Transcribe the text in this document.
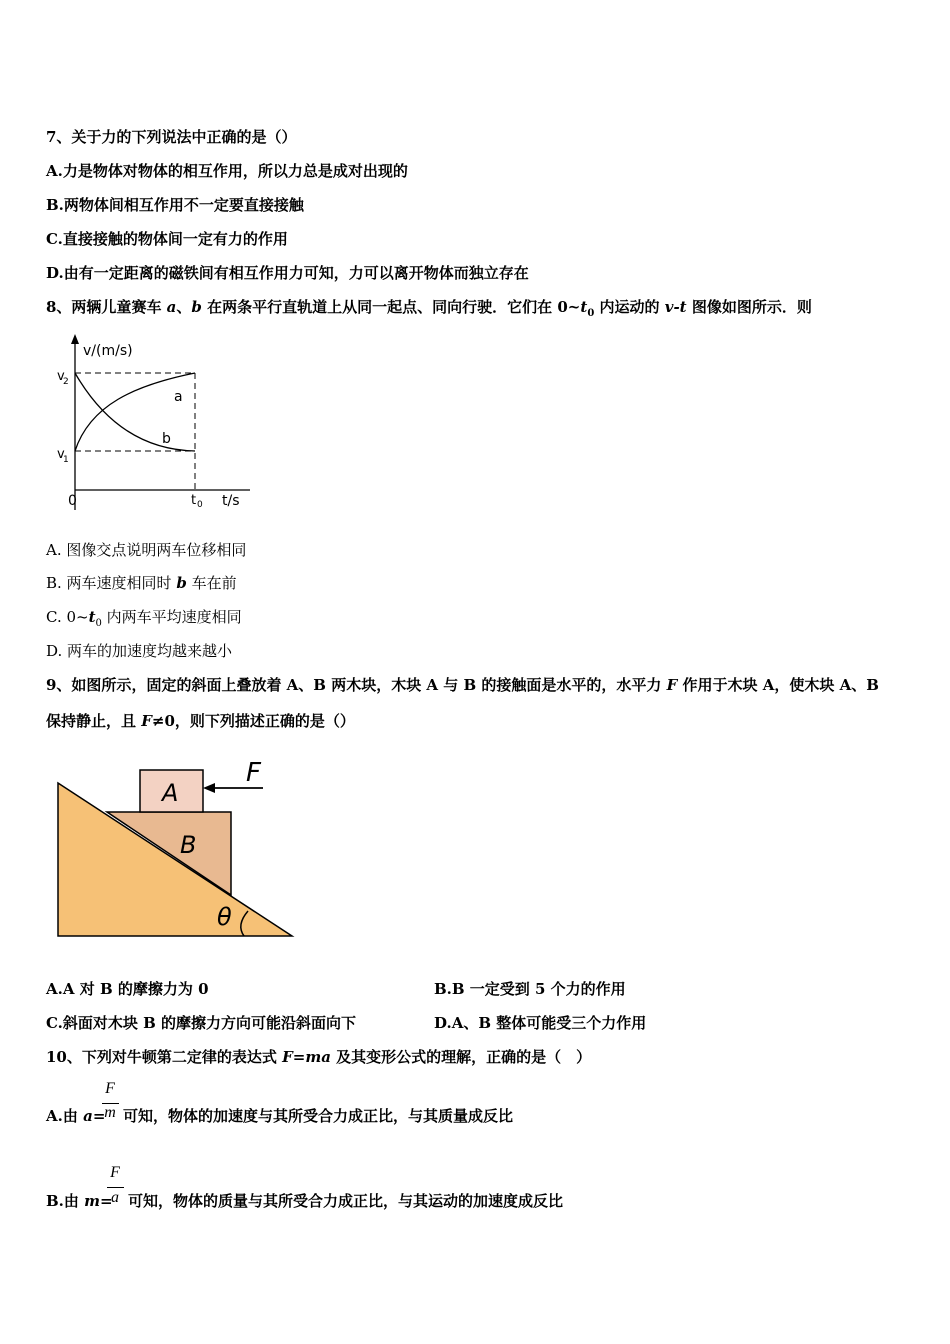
7、关于力的下列说法中正确的是（）
A.力是物体对物体的相互作用，所以力总是成对出现的
B.两物体间相互作用不一定要直接接触
C.直接接触的物体间一定有力的作用
D.由有一定距离的磁铁间有相互作用力可知，力可以离开物体而独立存在
8、两辆儿童赛车 a、b 在两条平行直轨道上从同一起点、同向行驶．它们在 $0\sim t_0$ 内运动的 v-t 图像如图所示．则
v/(m/s)
v
2
v
1
0	t 0 t/s
a
b
A. 图像交点说明两车位移相同
B. 两车速度相同时 b 车在前
C. $0\sim t_0$ 内两车平均速度相同
D. 两车的加速度均越来越小
9、如图所示，固定的斜面上叠放着 A、B 两木块，木块 A 与 B 的接触面是水平的，水平力 F 作用于木块 A，使木块 A、B
保持静止，且 F≠0，则下列描述正确的是（）
A
B
F
θ
A.A 对 B 的摩擦力为 0	B.B 一定受到 5 个力的作用
C.斜面对木块 B 的摩擦力方向可能沿斜面向下	D.A、B 整体可能受三个力作用
10、下列对牛顿第二定律的表达式 F=ma 及其变形公式的理解，正确的是（　）
A.由 a=
F
m 可知，物体的加速度与其所受合力成正比，与其质量成反比
B.由 m=
F
a 可知，物体的质量与其所受合力成正比，与其运动的加速度成反比
